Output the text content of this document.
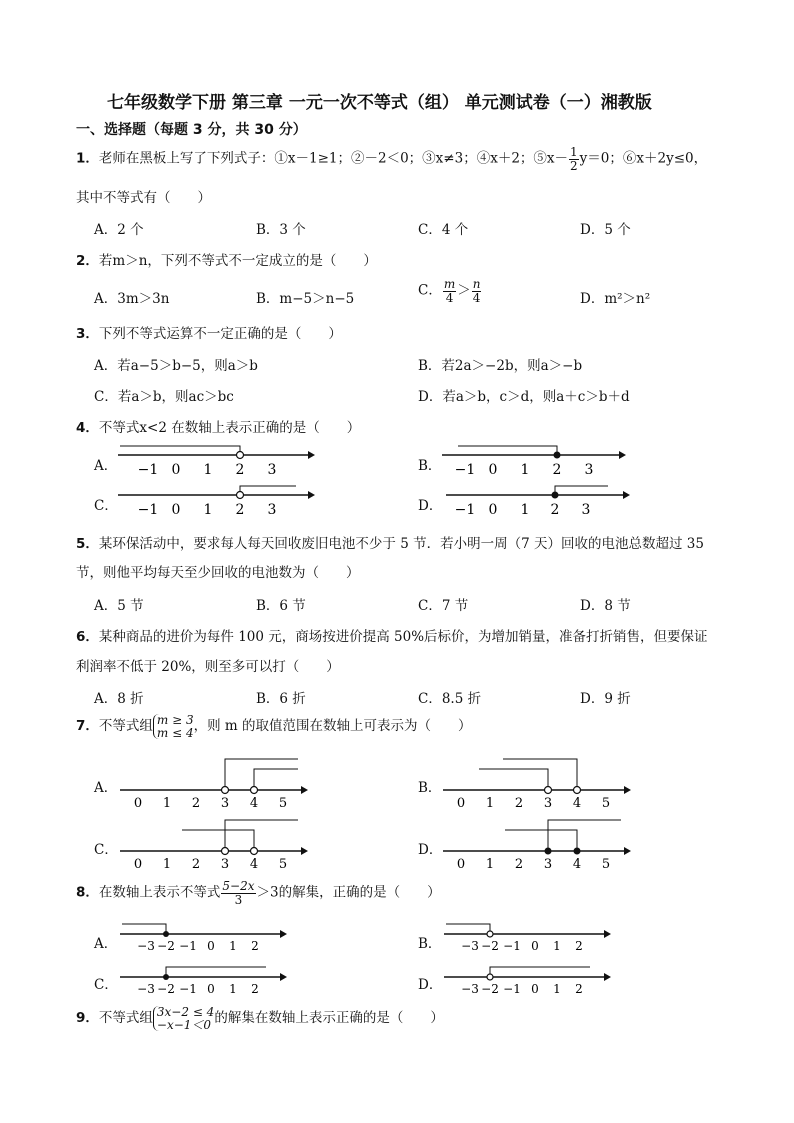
七年级数学下册 第三章 一元一次不等式（组） 单元测试卷（一）湘教版
一、选择题（每题 3 分，共 30 分）
1．老师在黑板上写了下列式子：①x－1≥1；②－2＜0；③x≠3；④x＋2；⑤x－ $\frac{1}{2} y=0$；⑥x＋2y≤0，
其中不等式有（　　）
A．2 个	B．3 个	C．4 个	D．5 个
2．若m＞n，下列不等式不一定成立的是（　　）
A．3m＞3n	B．m−5＞n−5
C． $\frac{m}{4} > \frac{n}{4}$	D．m²＞n²
3．下列不等式运算不一定正确的是（　　）
A．若a−5＞b−5，则a＞b	B．若2a＞−2b，则a＞−b
C．若a＞b，则ac＞bc	D．若a＞b，c＞d，则a＋c＞b＋d
4．不等式x<2 在数轴上表示正确的是（　　）
A．	B．
C．	D．
−1 0 1 2 3	−1 0 1 2 3
−1 0 1 2 3	−1 0 1 2 3
5．某环保活动中，要求每人每天回收废旧电池不少于 5 节．若小明一周（7 天）回收的电池总数超过 35
节，则他平均每天至少回收的电池数为（　　）
A．5 节	B．6 节	C．7 节	D．8 节
6．某种商品的进价为每件 100 元，商场按进价提高 50%后标价，为增加销量，准备打折销售，但要保证
利润率不低于 20%，则至多可以打（　　）
A．8 折	B．6 折	C．8.5 折	D．9 折
7．不等式组 m ≥ 3
m ≤ 4 ，则 m 的取值范围在数轴上可表示为（　　）
A．	B．
C．	D．
0 1 2 3 4 5	0 1 2 3 4 5
0 1 2 3 4 5	0 1 2 3 4 5
8．在数轴上表示不等式 $\frac{5-2x}{3} >3$的解集，正确的是（　　）
A．	B．
C．	D．
−3 −2 −1 0 1 2	−3 −2 −1 0 1 2
−3 −2 −1 0 1 2	−3 −2 −1 0 1 2
9．不等式组 3x−2 ≤ 4
−x−1＜0 的解集在数轴上表示正确的是（　　）
